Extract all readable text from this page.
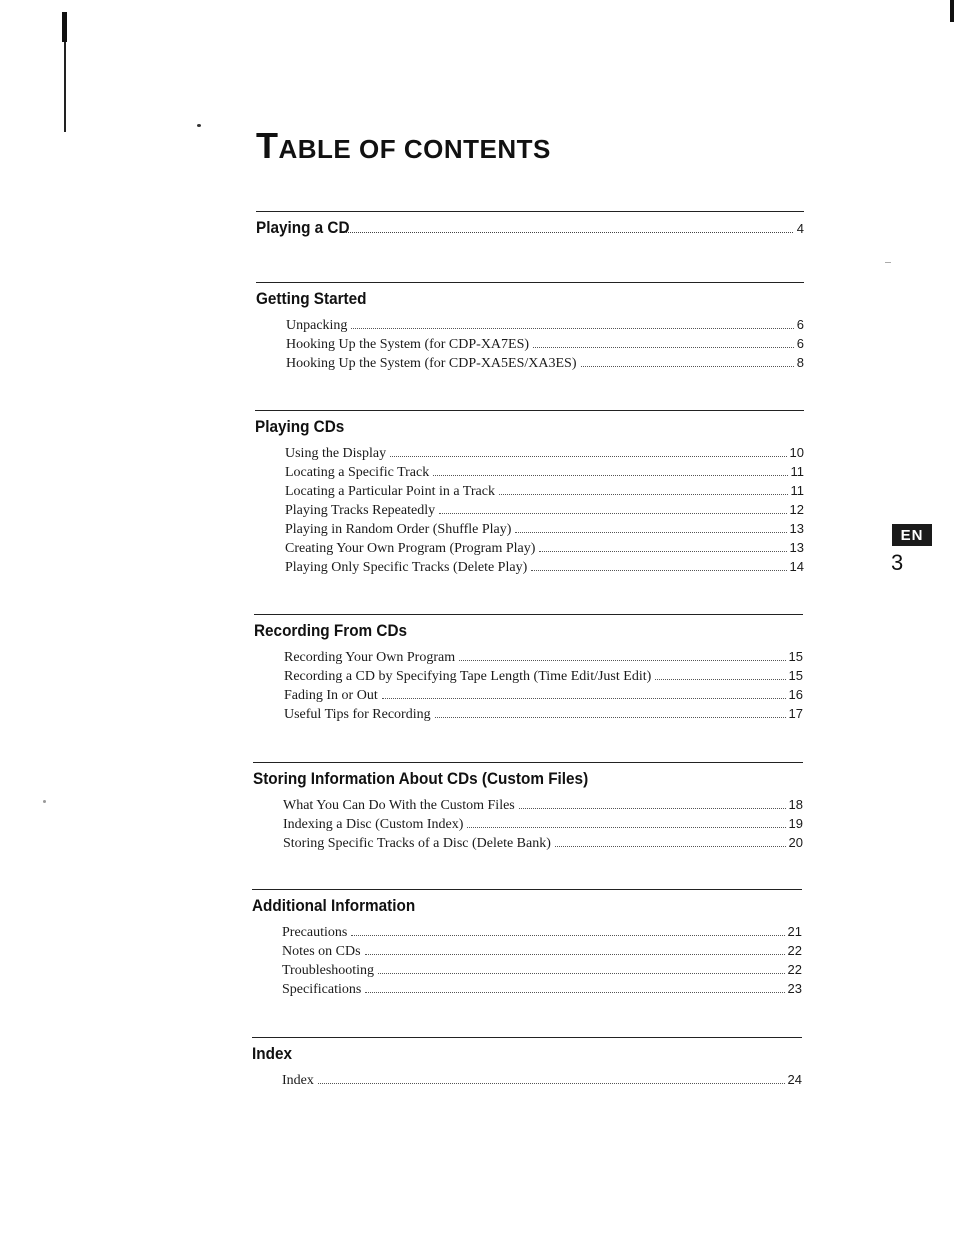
TABLE OF CONTENTS
Playing a CD	4
Getting Started
Unpacking	6
Hooking Up the System (for CDP-XA7ES)	6
Hooking Up the System (for CDP-XA5ES/XA3ES)	8
Playing CDs
Using the Display	10
Locating a Specific Track	11
Locating a Particular Point in a Track	11
Playing Tracks Repeatedly	12
Playing in Random Order (Shuffle Play)	13
Creating Your Own Program (Program Play)	13
Playing Only Specific Tracks (Delete Play)	14
Recording From CDs
Recording Your Own Program	15
Recording a CD by Specifying Tape Length (Time Edit/Just Edit)	15
Fading In or Out	16
Useful Tips for Recording	17
Storing Information About CDs (Custom Files)
What You Can Do With the Custom Files	18
Indexing a Disc (Custom Index)	19
Storing Specific Tracks of a Disc (Delete Bank)	20
Additional Information
Precautions	21
Notes on CDs	22
Troubleshooting	22
Specifications	23
Index
Index	24
EN
3
